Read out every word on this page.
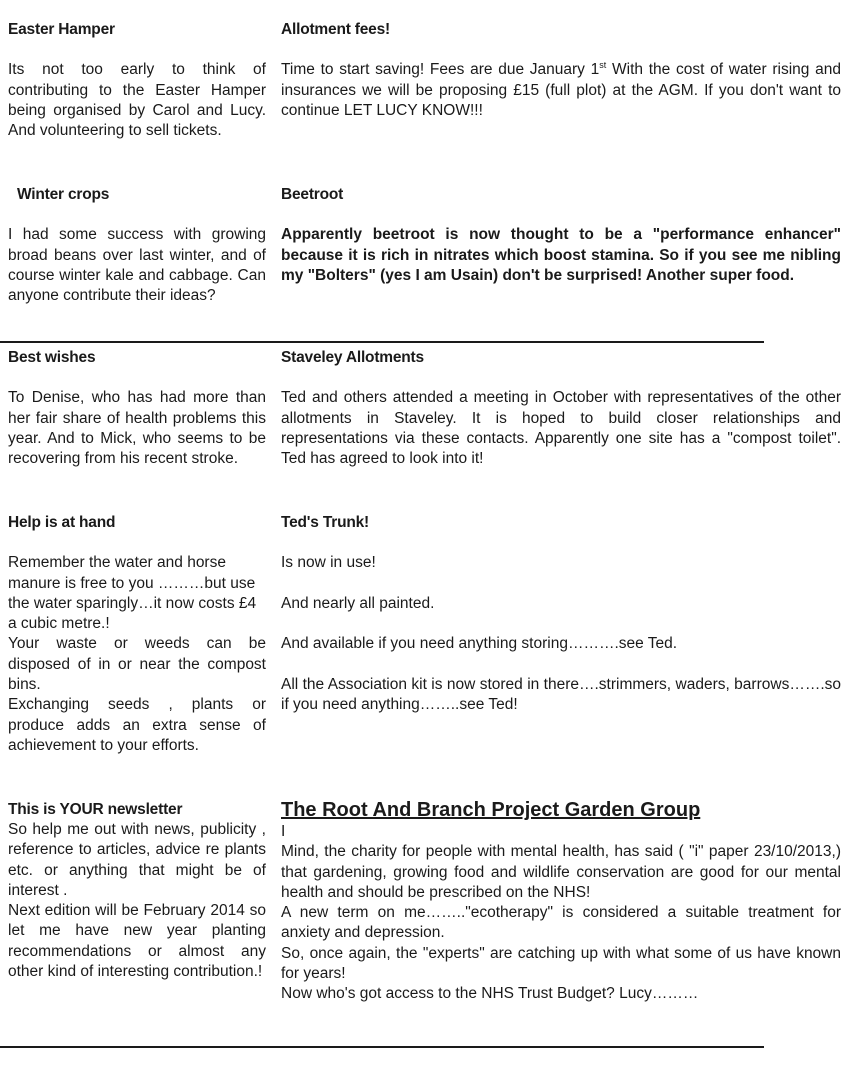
Easter Hamper

Its not too early to think of contributing to the Easter Hamper being organised by Carol and Lucy. And volunteering to sell tickets.

Allotment fees!

Time to start saving! Fees are due January 1st With the cost of water rising and insurances we will be proposing £15 (full plot) at the AGM. If you don't want to continue LET LUCY KNOW!!!

Winter crops

I had some success with growing broad beans over last winter, and of course winter kale and cabbage. Can anyone contribute their ideas?

Beetroot

Apparently beetroot is now thought to be a "performance enhancer" because it is rich in nitrates which boost stamina. So if you see me nibling my "Bolters" (yes I am Usain) don't be surprised! Another super food.

Best wishes

To Denise, who has had more than her fair share of health problems this year. And to Mick, who seems to be recovering from his recent stroke.

Staveley Allotments

Ted and others attended a meeting in October with representatives of the other allotments in Staveley. It is hoped to build closer relationships and representations via these contacts. Apparently one site has a "compost toilet". Ted has agreed to look into it!

Help is at hand

Remember the water and horse manure is free to you ………but use the water sparingly…it now costs £4 a cubic metre.!

Your waste or weeds can be disposed of in or near the compost bins.

Exchanging seeds , plants or produce adds an extra sense of achievement to your efforts.

Ted's Trunk!

Is now in use!

And nearly all painted.

And available if you need anything storing……….see Ted.

All the Association kit is now stored in there….strimmers, waders, barrows…….so if you need anything……..see Ted!

This is YOUR newsletter

So help me out with news, publicity , reference to articles, advice re plants etc. or anything that might be of interest .

Next edition will be February 2014 so let me have new year planting recommendations or almost any other kind of interesting contribution.!

The Root And Branch Project Garden Group

I

Mind, the charity for people with mental health, has said ( "i" paper 23/10/2013,) that gardening, growing food and wildlife conservation are good for our mental health and should be prescribed on the NHS!

A new term on me…….."ecotherapy" is considered a suitable treatment for anxiety and depression.

So, once again, the "experts" are catching up with what some of us have known for years!

Now who's got access to the NHS Trust Budget? Lucy………
